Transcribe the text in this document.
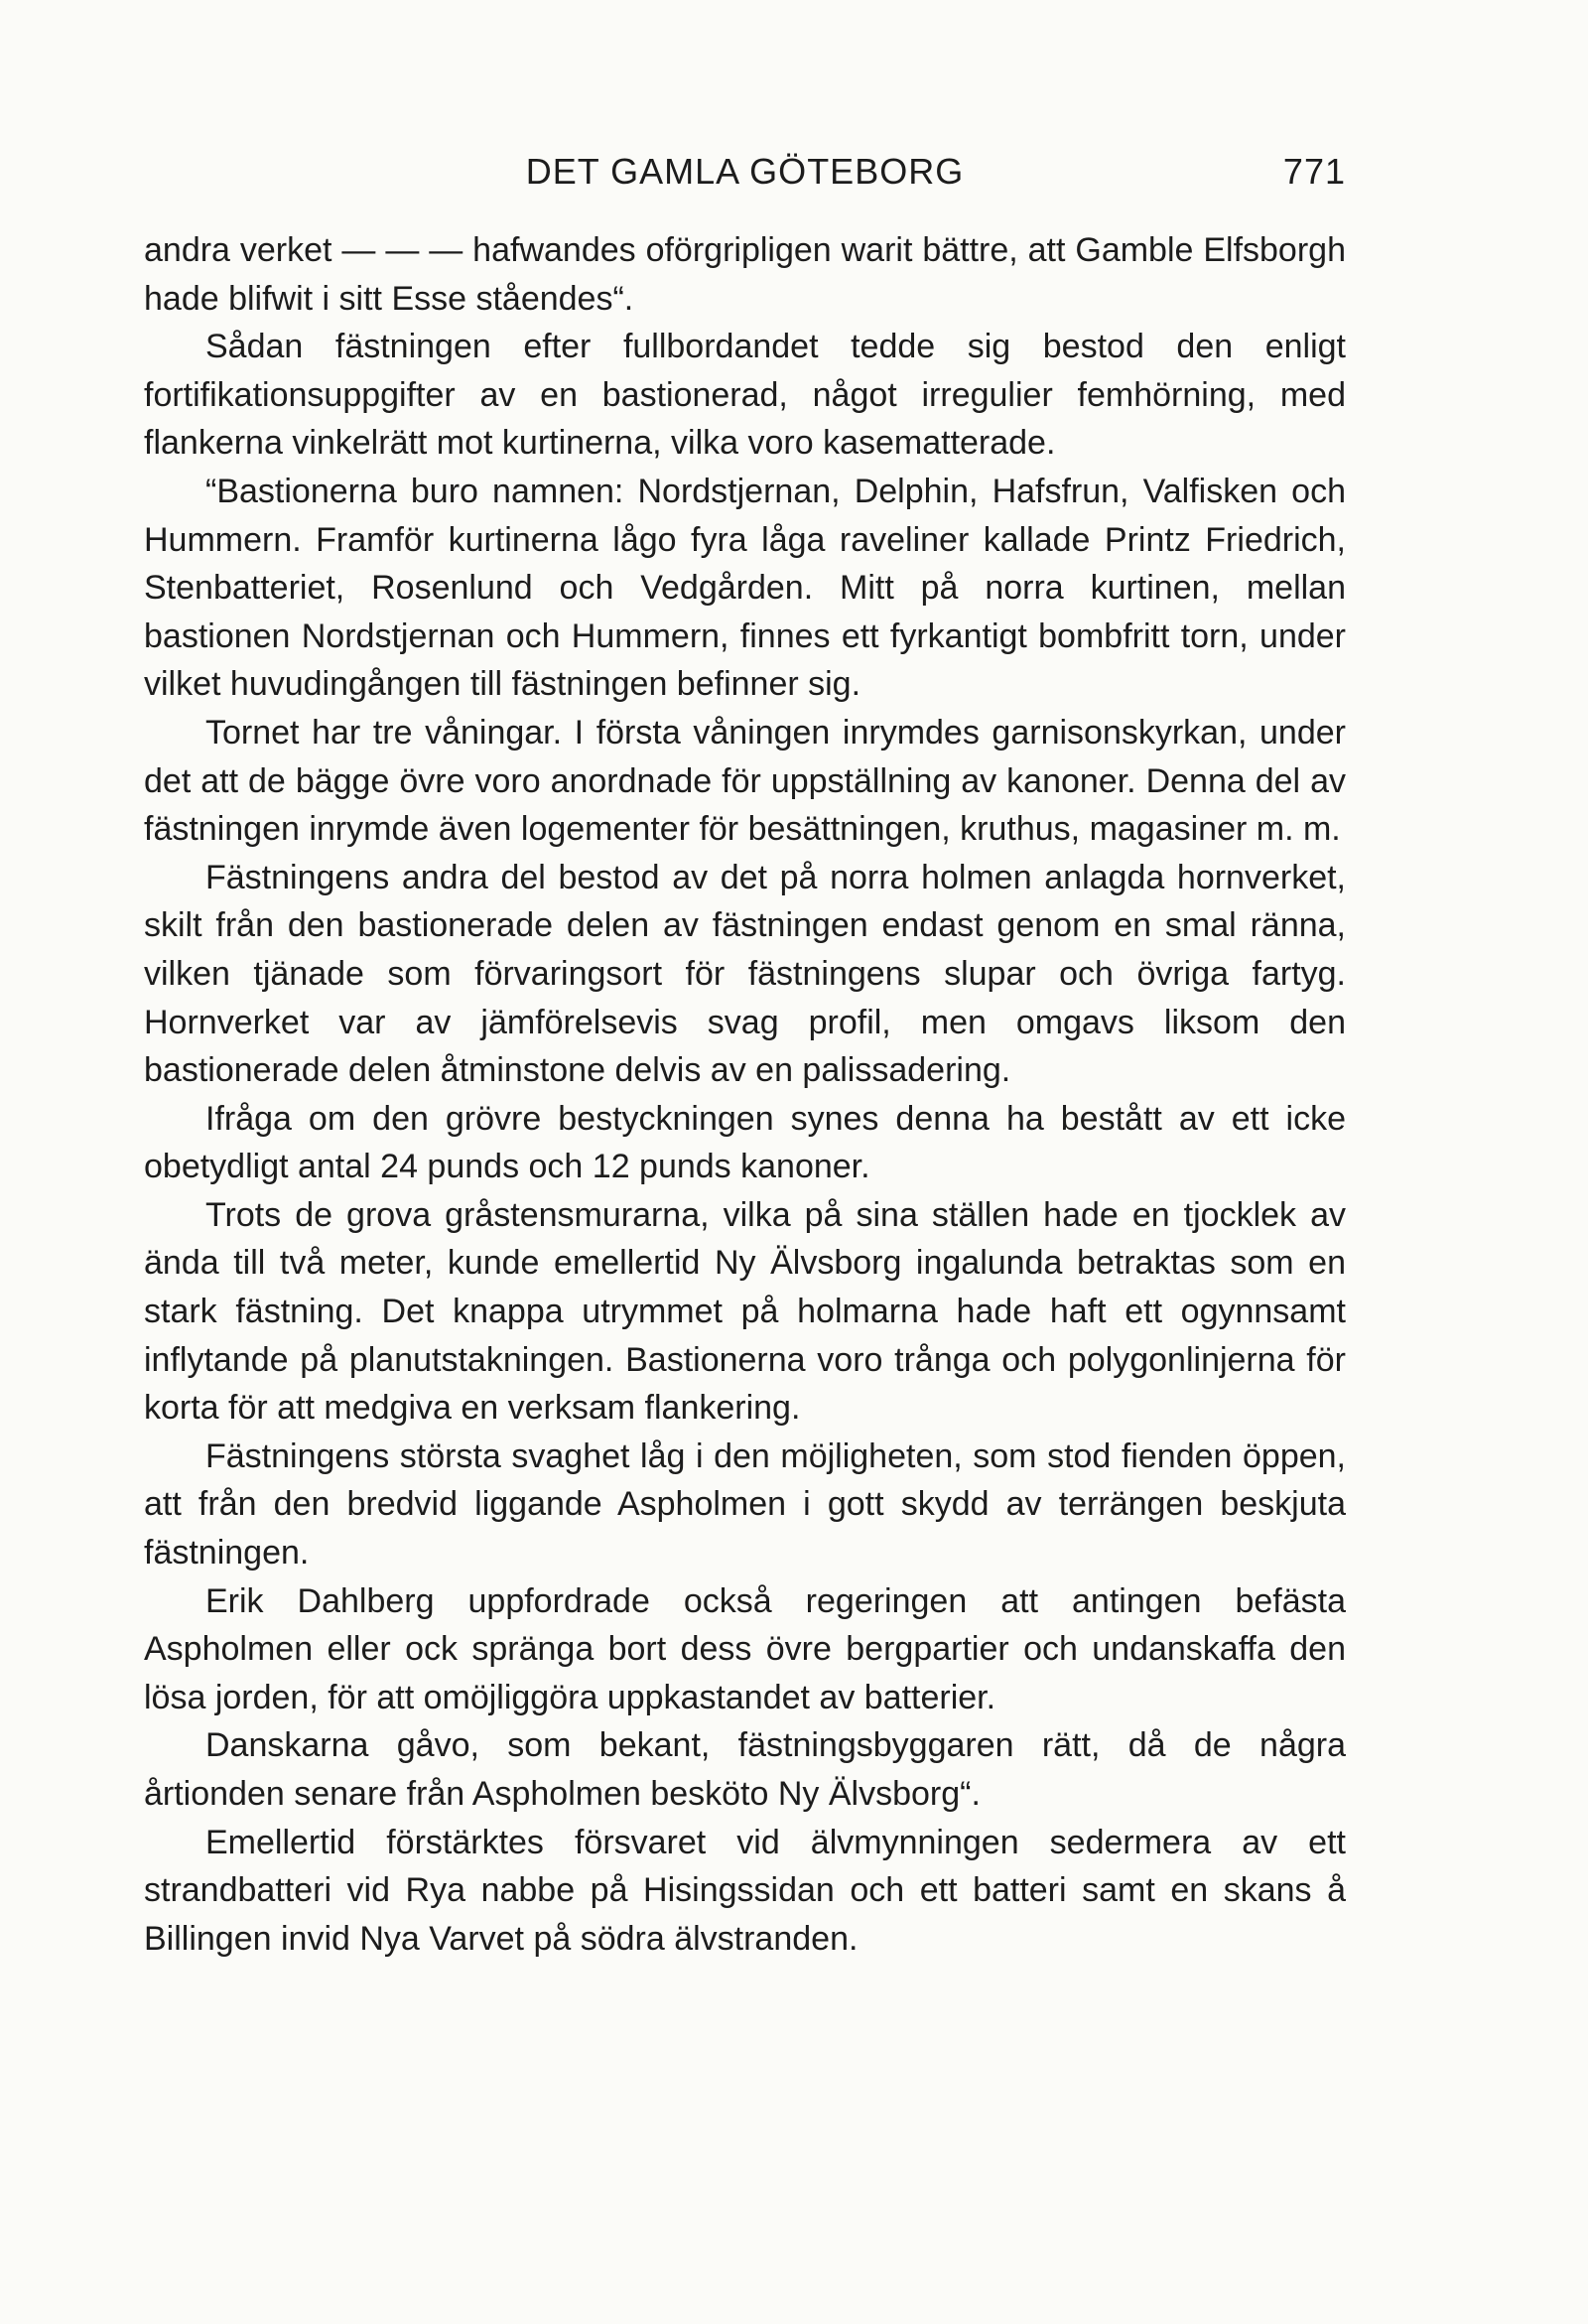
DET GAMLA GÖTEBORG	771

andra verket — — — hafwandes oförgripligen warit bättre, att Gamble Elfsborgh hade blifwit i sitt Esse ståendes“.

Sådan fästningen efter fullbordandet tedde sig bestod den enligt fortifikationsuppgifter av en bastionerad, något irregulier femhörning, med flankerna vinkelrätt mot kurtinerna, vilka voro kasematterade.

“Bastionerna buro namnen: Nordstjernan, Delphin, Hafsfrun, Valfisken och Hummern. Framför kurtinerna lågo fyra låga raveliner kallade Printz Friedrich, Stenbatteriet, Rosenlund och Vedgården. Mitt på norra kurtinen, mellan bastionen Nordstjernan och Hummern, finnes ett fyrkantigt bombfritt torn, under vilket huvudingången till fästningen befinner sig.

Tornet har tre våningar. I första våningen inrymdes garnisonskyrkan, under det att de bägge övre voro anordnade för uppställning av kanoner. Denna del av fästningen inrymde även logementer för besättningen, kruthus, magasiner m. m.

Fästningens andra del bestod av det på norra holmen anlagda hornverket, skilt från den bastionerade delen av fästningen endast genom en smal ränna, vilken tjänade som förvaringsort för fästningens slupar och övriga fartyg. Hornverket var av jämförelsevis svag profil, men omgavs liksom den bastionerade delen åtminstone delvis av en palissadering.

Ifråga om den grövre bestyckningen synes denna ha bestått av ett icke obetydligt antal 24 punds och 12 punds kanoner.

Trots de grova gråstensmurarna, vilka på sina ställen hade en tjocklek av ända till två meter, kunde emellertid Ny Älvsborg ingalunda betraktas som en stark fästning. Det knappa utrymmet på holmarna hade haft ett ogynnsamt inflytande på planutstakningen. Bastionerna voro trånga och polygonlinjerna för korta för att medgiva en verksam flankering.

Fästningens största svaghet låg i den möjligheten, som stod fienden öppen, att från den bredvid liggande Aspholmen i gott skydd av terrängen beskjuta fästningen.

Erik Dahlberg uppfordrade också regeringen att antingen befästa Aspholmen eller ock spränga bort dess övre bergpartier och undanskaffa den lösa jorden, för att omöjliggöra uppkastandet av batterier.

Danskarna gåvo, som bekant, fästningsbyggaren rätt, då de några årtionden senare från Aspholmen besköto Ny Älvsborg“.

Emellertid förstärktes försvaret vid älvmynningen sedermera av ett strandbatteri vid Rya nabbe på Hisingssidan och ett batteri samt en skans å Billingen invid Nya Varvet på södra älvstranden.
